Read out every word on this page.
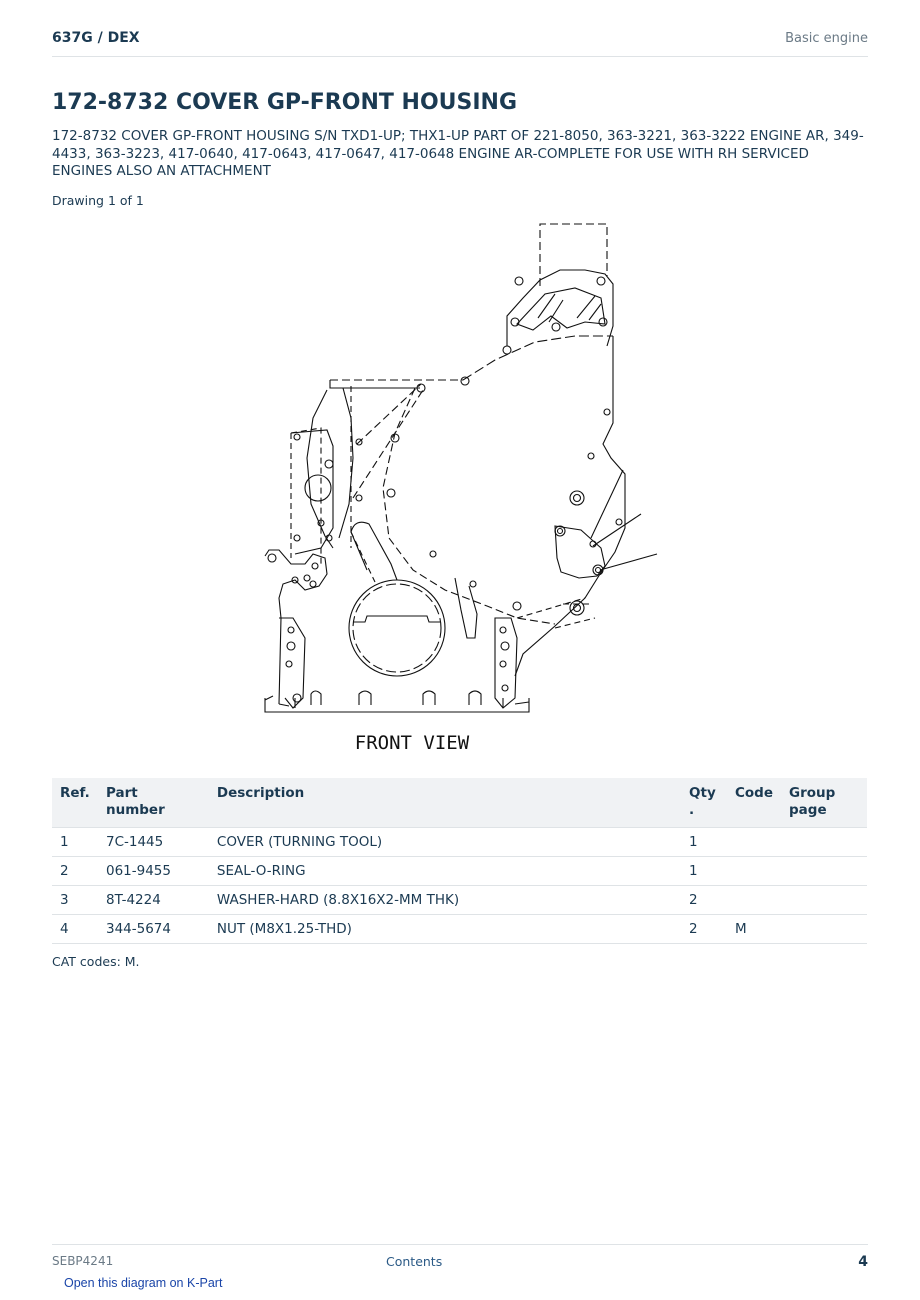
637G / DEX	Basic engine
172-8732 COVER GP-FRONT HOUSING

172-8732 COVER GP-FRONT HOUSING S/N TXD1-UP; THX1-UP PART OF 221-8050, 363-3221, 363-3222 ENGINE AR, 349-4433, 363-3223, 417-0640, 417-0643, 417-0647, 417-0648 ENGINE AR-COMPLETE FOR USE WITH RH SERVICED ENGINES ALSO AN ATTACHMENT

Drawing 1 of 1
FRONT VIEW
Ref.	Part number	Description	Qty .	Code	Group page
1	7C-1445	COVER (TURNING TOOL)	1		
2	061-9455	SEAL-O-RING	1		
3	8T-4224	WASHER-HARD (8.8X16X2-MM THK)	2		
4	344-5674	NUT (M8X1.25-THD)	2	M	
CAT codes: M.
SEBP4241	Contents	4
Open this diagram on K-Part
